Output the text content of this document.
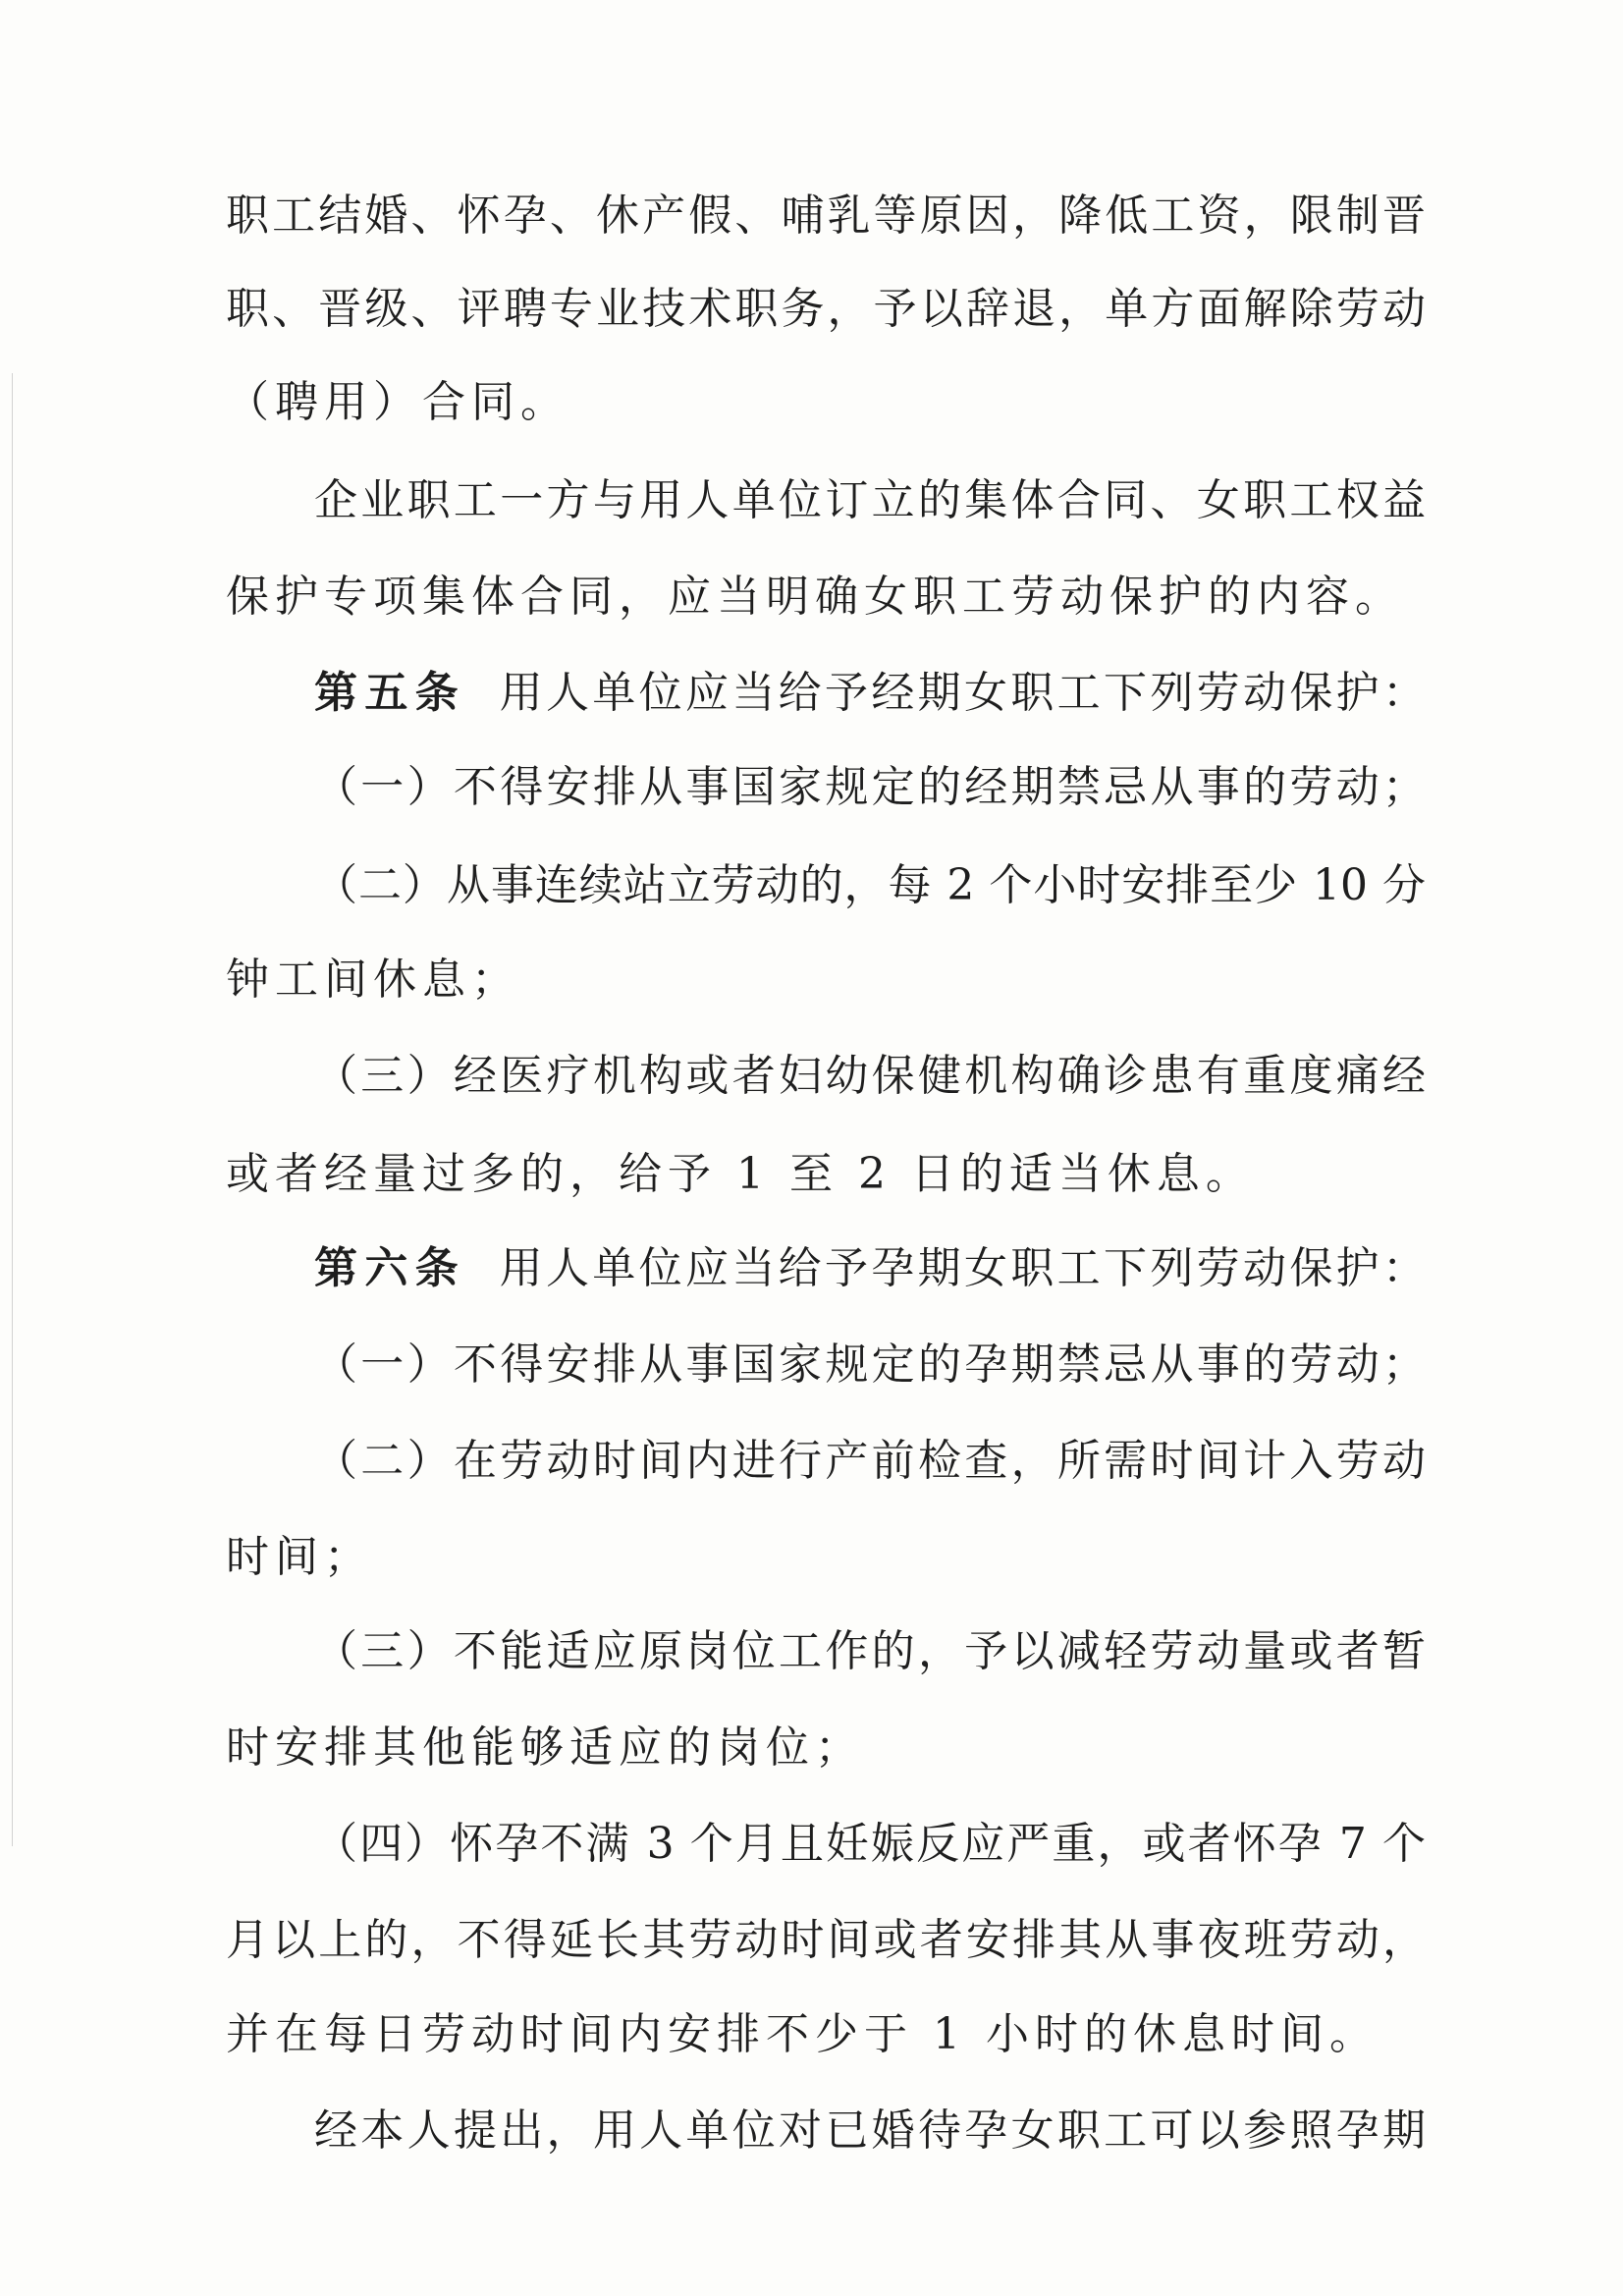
职工结婚、怀孕、休产假、哺乳等原因，降低工资，限制晋

职、晋级、评聘专业技术职务，予以辞退，单方面解除劳动

（聘用）合同。

企业职工一方与用人单位订立的集体合同、女职工权益

保护专项集体合同，应当明确女职工劳动保护的内容。

第五条 用人单位应当给予经期女职工下列劳动保护：

（一）不得安排从事国家规定的经期禁忌从事的劳动；

（二）从事连续站立劳动的，每 2 个小时安排至少 10 分

钟工间休息；

（三）经医疗机构或者妇幼保健机构确诊患有重度痛经

或者经量过多的，给予 1 至 2 日的适当休息。

第六条 用人单位应当给予孕期女职工下列劳动保护：

（一）不得安排从事国家规定的孕期禁忌从事的劳动；

（二）在劳动时间内进行产前检查，所需时间计入劳动

时间；

（三）不能适应原岗位工作的，予以减轻劳动量或者暂

时安排其他能够适应的岗位；

（四）怀孕不满 3 个月且妊娠反应严重，或者怀孕 7 个

月以上的，不得延长其劳动时间或者安排其从事夜班劳动，

并在每日劳动时间内安排不少于 1 小时的休息时间。

经本人提出，用人单位对已婚待孕女职工可以参照孕期
